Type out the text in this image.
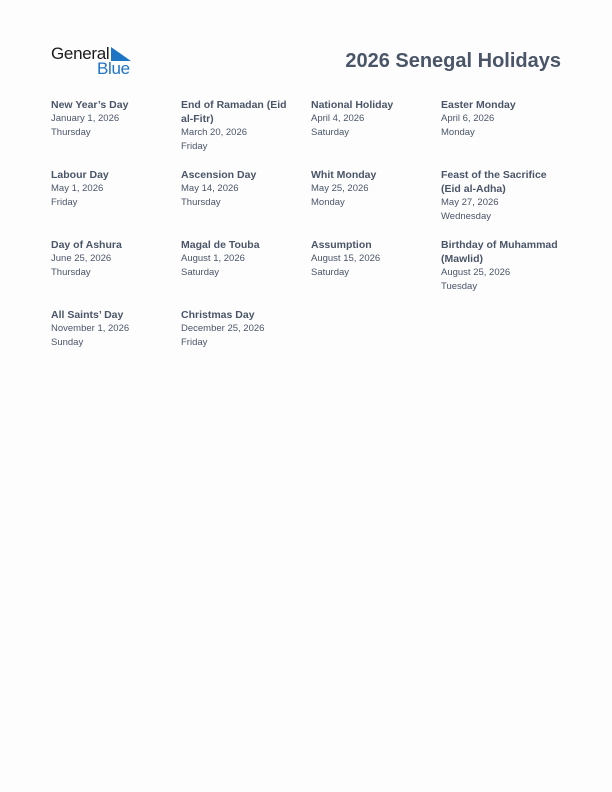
General
Blue	2026 Senegal Holidays
New Year’s Day
January 1, 2026
Thursday
End of Ramadan (Eid al-Fitr)
March 20, 2026
Friday
National Holiday
April 4, 2026
Saturday
Easter Monday
April 6, 2026
Monday
Labour Day
May 1, 2026
Friday
Ascension Day
May 14, 2026
Thursday
Whit Monday
May 25, 2026
Monday
Feast of the Sacrifice (Eid al-Adha)
May 27, 2026
Wednesday
Day of Ashura
June 25, 2026
Thursday
Magal de Touba
August 1, 2026
Saturday
Assumption
August 15, 2026
Saturday
Birthday of Muhammad (Mawlid)
August 25, 2026
Tuesday
All Saints’ Day
November 1, 2026
Sunday
Christmas Day
December 25, 2026
Friday
